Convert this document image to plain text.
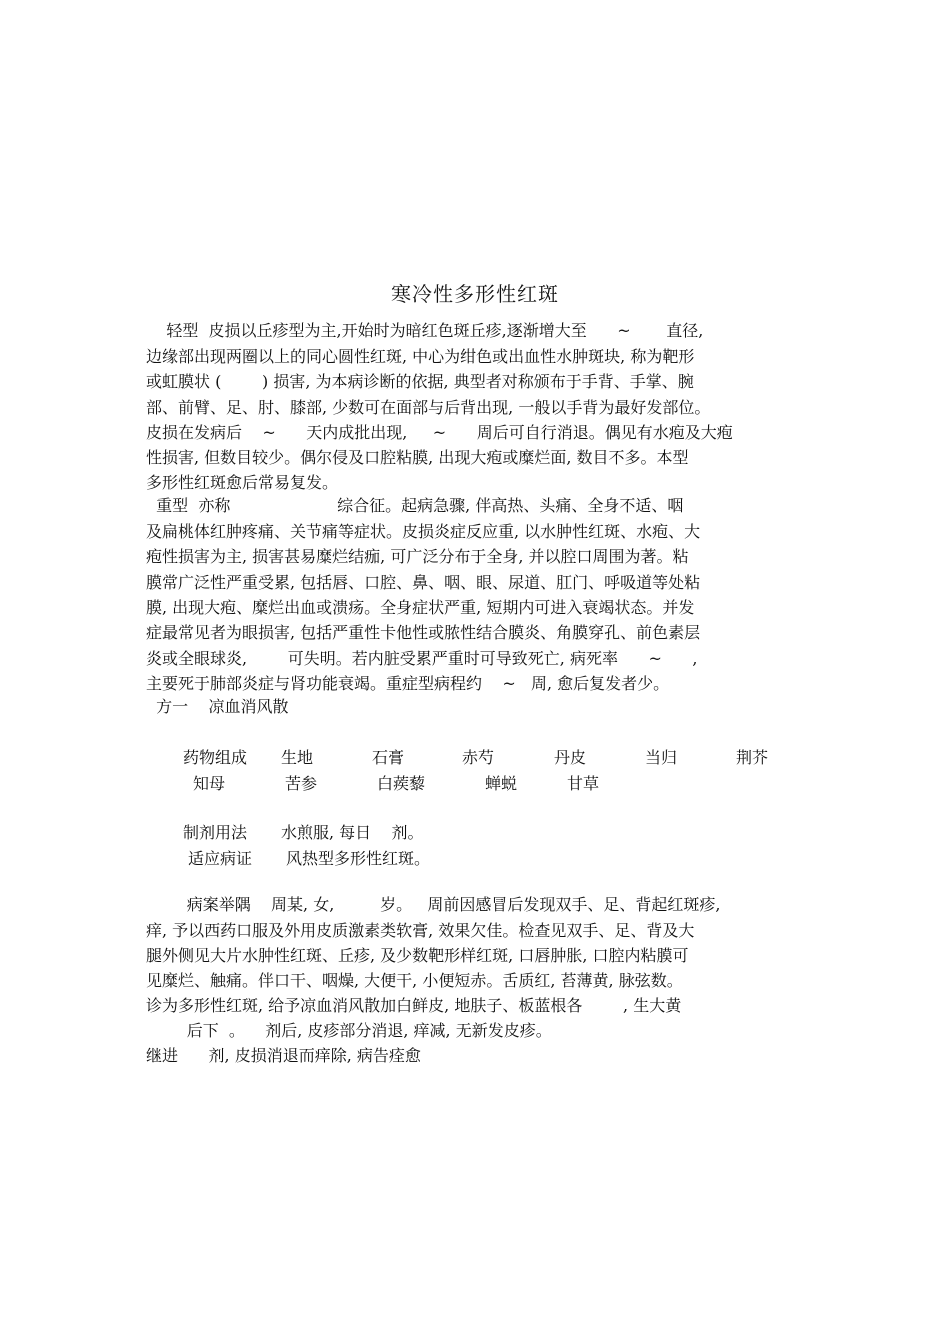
寒冷性多形性红斑
轻型  皮损以丘疹型为主,开始时为暗红色斑丘疹,逐渐增大至      ~       直径,
边缘部出现两圈以上的同心圆性红斑, 中心为绀色或出血性水肿斑块, 称为靶形
或虹膜状 (        ) 损害, 为本病诊断的依据, 典型者对称颁布于手背、手掌、腕
部、前臂、足、肘、膝部, 少数可在面部与后背出现, 一般以手背为最好发部位。
皮损在发病后    ~      天内成批出现,     ~      周后可自行消退。偶见有水疱及大疱
性损害, 但数目较少。偶尔侵及口腔粘膜, 出现大疱或糜烂面, 数目不多。本型
多形性红斑愈后常易复发。
重型  亦称                     综合征。起病急骤, 伴高热、头痛、全身不适、咽
及扁桃体红肿疼痛、关节痛等症状。皮损炎症反应重, 以水肿性红斑、水疱、大
疱性损害为主, 损害甚易糜烂结痂, 可广泛分布于全身, 并以腔口周围为著。粘
膜常广泛性严重受累, 包括唇、口腔、鼻、咽、眼、尿道、肛门、呼吸道等处粘
膜, 出现大疱、糜烂出血或溃疡。全身症状严重, 短期内可进入衰竭状态。并发
症最常见者为眼损害, 包括严重性卡他性或脓性结合膜炎、角膜穿孔、前色素层
炎或全眼球炎,        可失明。若内脏受累严重时可导致死亡, 病死率      ~      ,
主要死于肺部炎症与肾功能衰竭。重症型病程约    ~   周, 愈后复发者少。
方一    凉血消风散
药物组成 生地	石膏	赤芍	丹皮	当归	荆芥
知母	苦参	白蒺藜	蝉蜕	甘草
制剂用法 水煎服, 每日    剂。
适应病证 风热型多形性红斑。
病案举隅    周某, 女,         岁。   周前因感冒后发现双手、足、背起红斑疹,
痒, 予以西药口服及外用皮质激素类软膏, 效果欠佳。检查见双手、足、背及大
腿外侧见大片水肿性红斑、丘疹, 及少数靶形样红斑, 口唇肿胀, 口腔内粘膜可
见糜烂、触痛。伴口干、咽燥, 大便干, 小便短赤。舌质红, 苔薄黄, 脉弦数。
诊为多形性红斑, 给予凉血消风散加白鲜皮, 地肤子、板蓝根各        , 生大黄
后下  。    剂后, 皮疹部分消退, 痒减, 无新发皮疹。
继进      剂, 皮损消退而痒除, 病告痊愈
